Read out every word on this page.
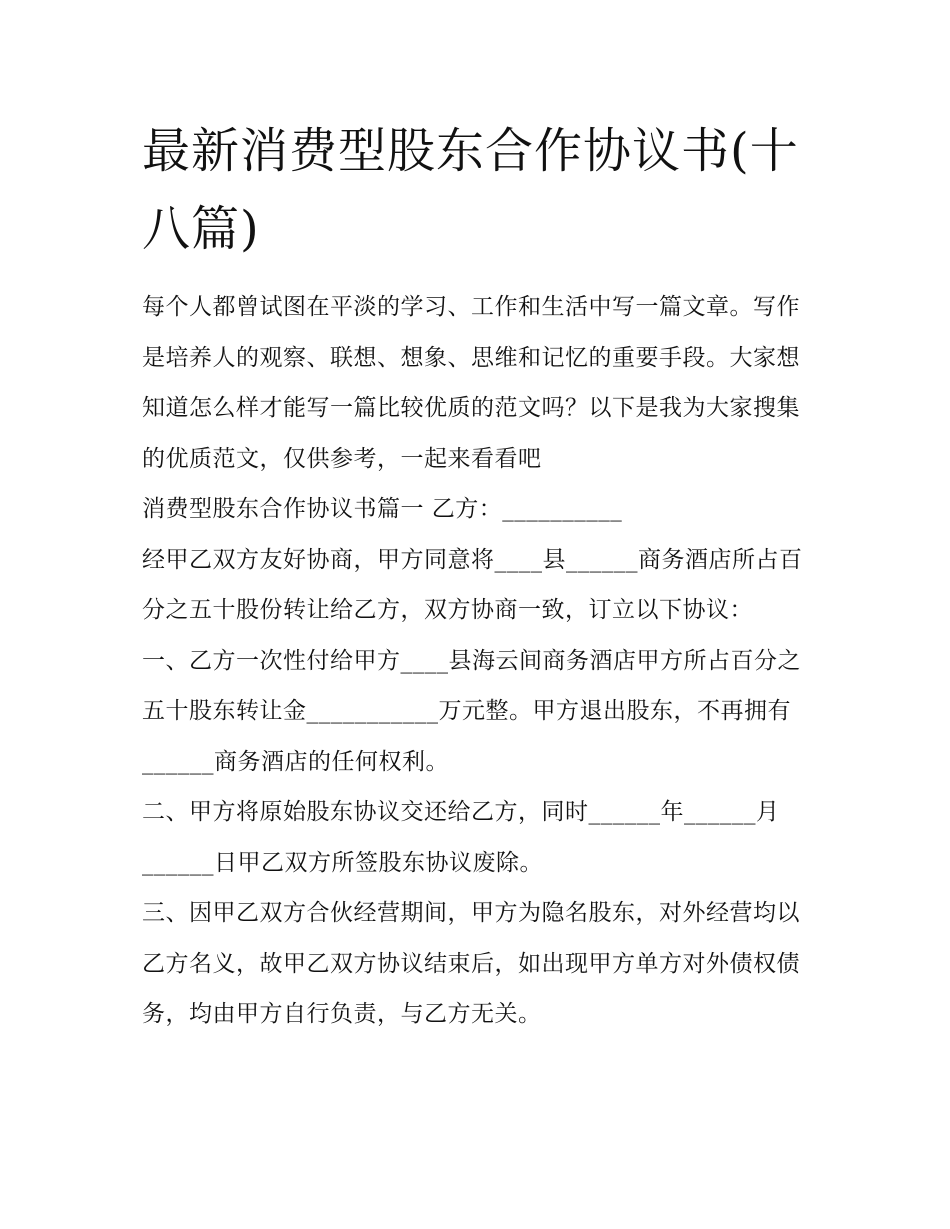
最新消费型股东合作协议书(十八篇)

每个人都曾试图在平淡的学习、工作和生活中写一篇文章。写作是培养人的观察、联想、想象、思维和记忆的重要手段。大家想知道怎么样才能写一篇比较优质的范文吗？以下是我为大家搜集的优质范文，仅供参考，一起来看看吧

消费型股东合作协议书篇一 乙方：__________

经甲乙双方友好协商，甲方同意将____县______商务酒店所占百分之五十股份转让给乙方，双方协商一致，订立以下协议：

一、乙方一次性付给甲方____县海云间商务酒店甲方所占百分之五十股东转让金___________万元整。甲方退出股东，不再拥有______商务酒店的任何权利。

二、甲方将原始股东协议交还给乙方，同时______年______月______日甲乙双方所签股东协议废除。

三、因甲乙双方合伙经营期间，甲方为隐名股东，对外经营均以乙方名义，故甲乙双方协议结束后，如出现甲方单方对外债权债务，均由甲方自行负责，与乙方无关。
